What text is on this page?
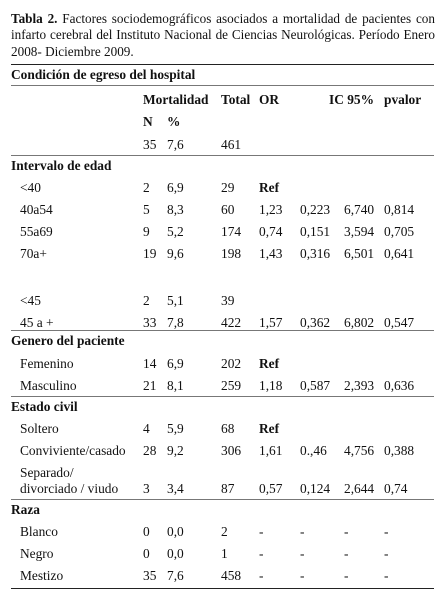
Tabla 2. Factores sociodemográficos asociados a mortalidad de pacientes con infarto cerebral del Instituto Nacional de Ciencias Neurológicas. Período Enero 2008- Diciembre 2009.
Condición de egreso del hospital
Mortalidad Total OR	IC 95% pvalor
N %
35 7,6	461
Intervalo de edad
Genero del paciente
Estado civil
Raza
<40	2 6,9	29 Ref
40a54	5 8,3	60 1,23 0,223 6,740 0,814
55a69	9 5,2	174 0,74 0,151 3,594 0,705
70a+	19 9,6	198 1,43 0,316 6,501 0,641
<45	2 5,1	39
45 a +	33 7,8	422 1,57 0,362 6,802 0,547
Femenino	14 6,9	202 Ref
Masculino	21 8,1	259 1,18 0,587 2,393 0,636
Soltero	4 5,9	68 Ref
Conviviente/casado 28 9,2	306 1,61 0.,46 4,756 0,388
Separado/
divorciado / viudo 3 3,4	87 0,57 0,124 2,644 0,74
Blanco	0 0,0	2 -	-	-	-
Negro	0 0,0	1 -	-	-	-
Mestizo	35 7,6	458 -	-	-	-
